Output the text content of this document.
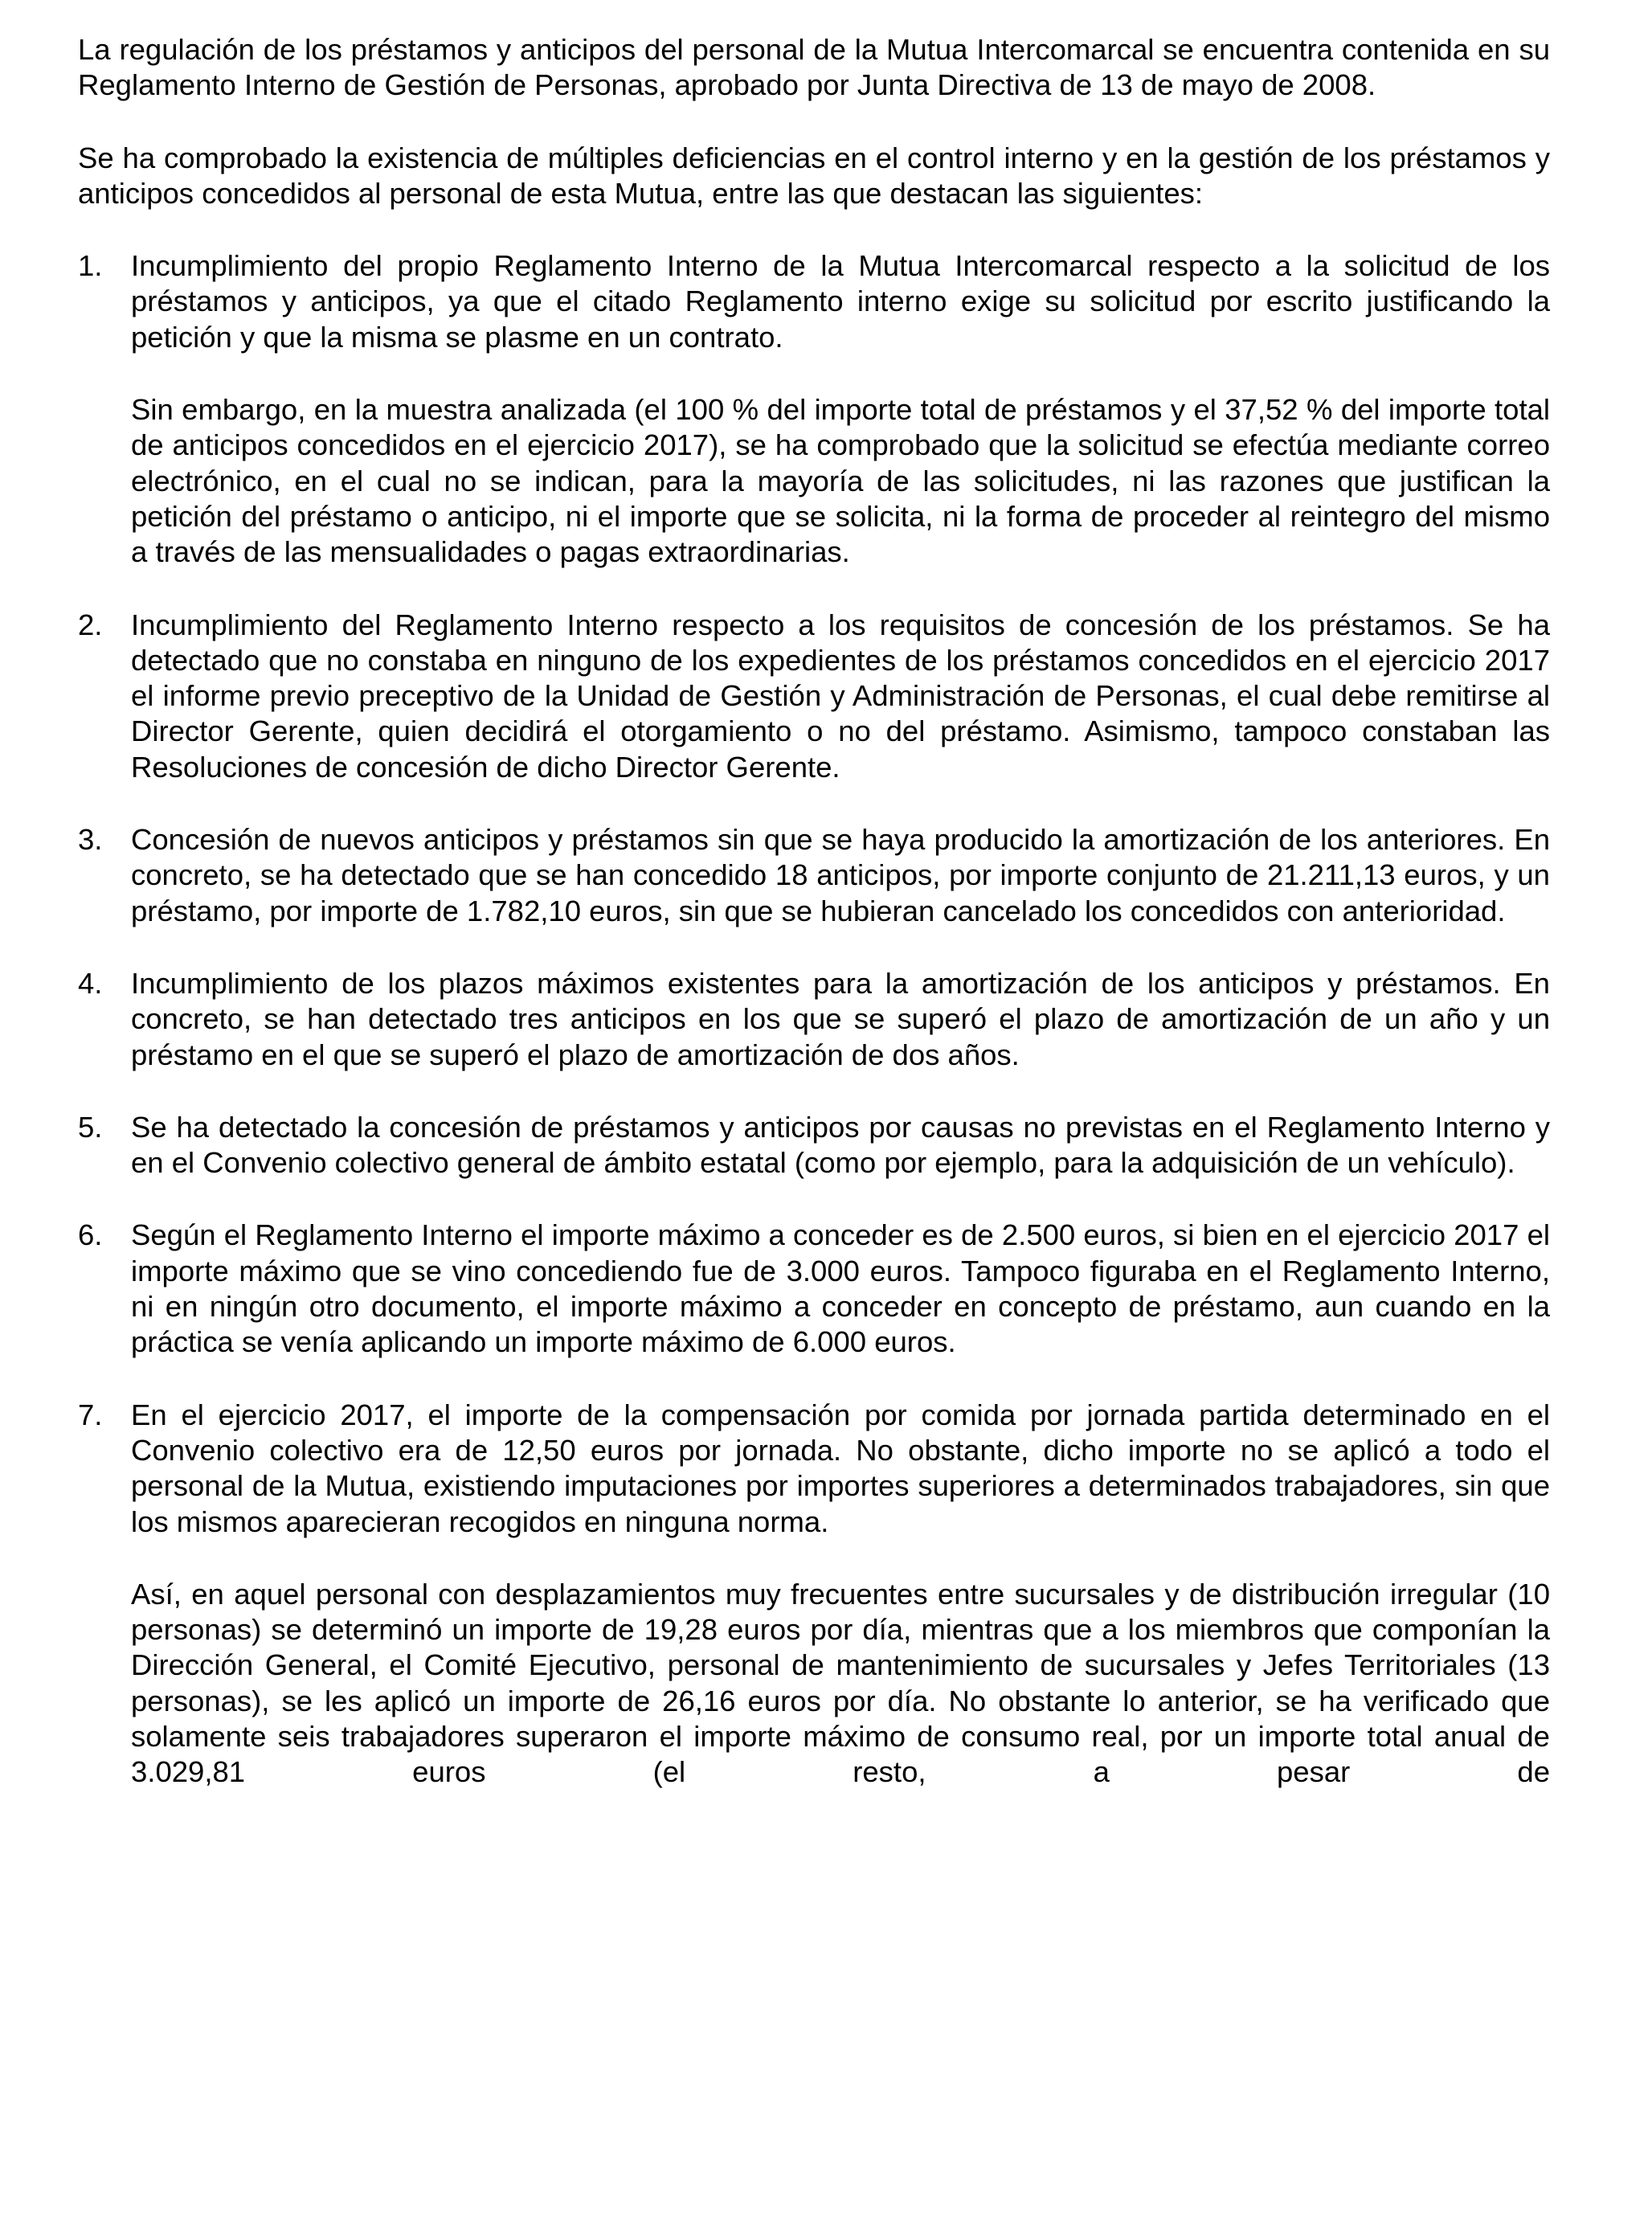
La regulación de los préstamos y anticipos del personal de la Mutua Intercomarcal se encuentra contenida en su Reglamento Interno de Gestión de Personas, aprobado por Junta Directiva de 13 de mayo de 2008.

Se ha comprobado la existencia de múltiples deficiencias en el control interno y en la gestión de los préstamos y anticipos concedidos al personal de esta Mutua, entre las que destacan las siguientes:

1. Incumplimiento del propio Reglamento Interno de la Mutua Intercomarcal respecto a la solicitud de los préstamos y anticipos, ya que el citado Reglamento interno exige su solicitud por escrito justificando la petición y que la misma se plasme en un contrato.

Sin embargo, en la muestra analizada (el 100 % del importe total de préstamos y el 37,52 % del importe total de anticipos concedidos en el ejercicio 2017), se ha comprobado que la solicitud se efectúa mediante correo electrónico, en el cual no se indican, para la mayoría de las solicitudes, ni las razones que justifican la petición del préstamo o anticipo, ni el importe que se solicita, ni la forma de proceder al reintegro del mismo a través de las mensualidades o pagas extraordinarias.

2. Incumplimiento del Reglamento Interno respecto a los requisitos de concesión de los préstamos. Se ha detectado que no constaba en ninguno de los expedientes de los préstamos concedidos en el ejercicio 2017 el informe previo preceptivo de la Unidad de Gestión y Administración de Personas, el cual debe remitirse al Director Gerente, quien decidirá el otorgamiento o no del préstamo. Asimismo, tampoco constaban las Resoluciones de concesión de dicho Director Gerente.

3. Concesión de nuevos anticipos y préstamos sin que se haya producido la amortización de los anteriores. En concreto, se ha detectado que se han concedido 18 anticipos, por importe conjunto de 21.211,13 euros, y un préstamo, por importe de 1.782,10 euros, sin que se hubieran cancelado los concedidos con anterioridad.

4. Incumplimiento de los plazos máximos existentes para la amortización de los anticipos y préstamos. En concreto, se han detectado tres anticipos en los que se superó el plazo de amortización de un año y un préstamo en el que se superó el plazo de amortización de dos años.

5. Se ha detectado la concesión de préstamos y anticipos por causas no previstas en el Reglamento Interno y en el Convenio colectivo general de ámbito estatal (como por ejemplo, para la adquisición de un vehículo).

6. Según el Reglamento Interno el importe máximo a conceder es de 2.500 euros, si bien en el ejercicio 2017 el importe máximo que se vino concediendo fue de 3.000 euros. Tampoco figuraba en el Reglamento Interno, ni en ningún otro documento, el importe máximo a conceder en concepto de préstamo, aun cuando en la práctica se venía aplicando un importe máximo de 6.000 euros.

7. En el ejercicio 2017, el importe de la compensación por comida por jornada partida determinado en el Convenio colectivo era de 12,50 euros por jornada. No obstante, dicho importe no se aplicó a todo el personal de la Mutua, existiendo imputaciones por importes superiores a determinados trabajadores, sin que los mismos aparecieran recogidos en ninguna norma.

Así, en aquel personal con desplazamientos muy frecuentes entre sucursales y de distribución irregular (10 personas) se determinó un importe de 19,28 euros por día, mientras que a los miembros que componían la Dirección General, el Comité Ejecutivo, personal de mantenimiento de sucursales y Jefes Territoriales (13 personas), se les aplicó un importe de 26,16 euros por día. No obstante lo anterior, se ha verificado que solamente seis trabajadores superaron el importe máximo de consumo real, por un importe total anual de 3.029,81 euros (el resto, a pesar de
